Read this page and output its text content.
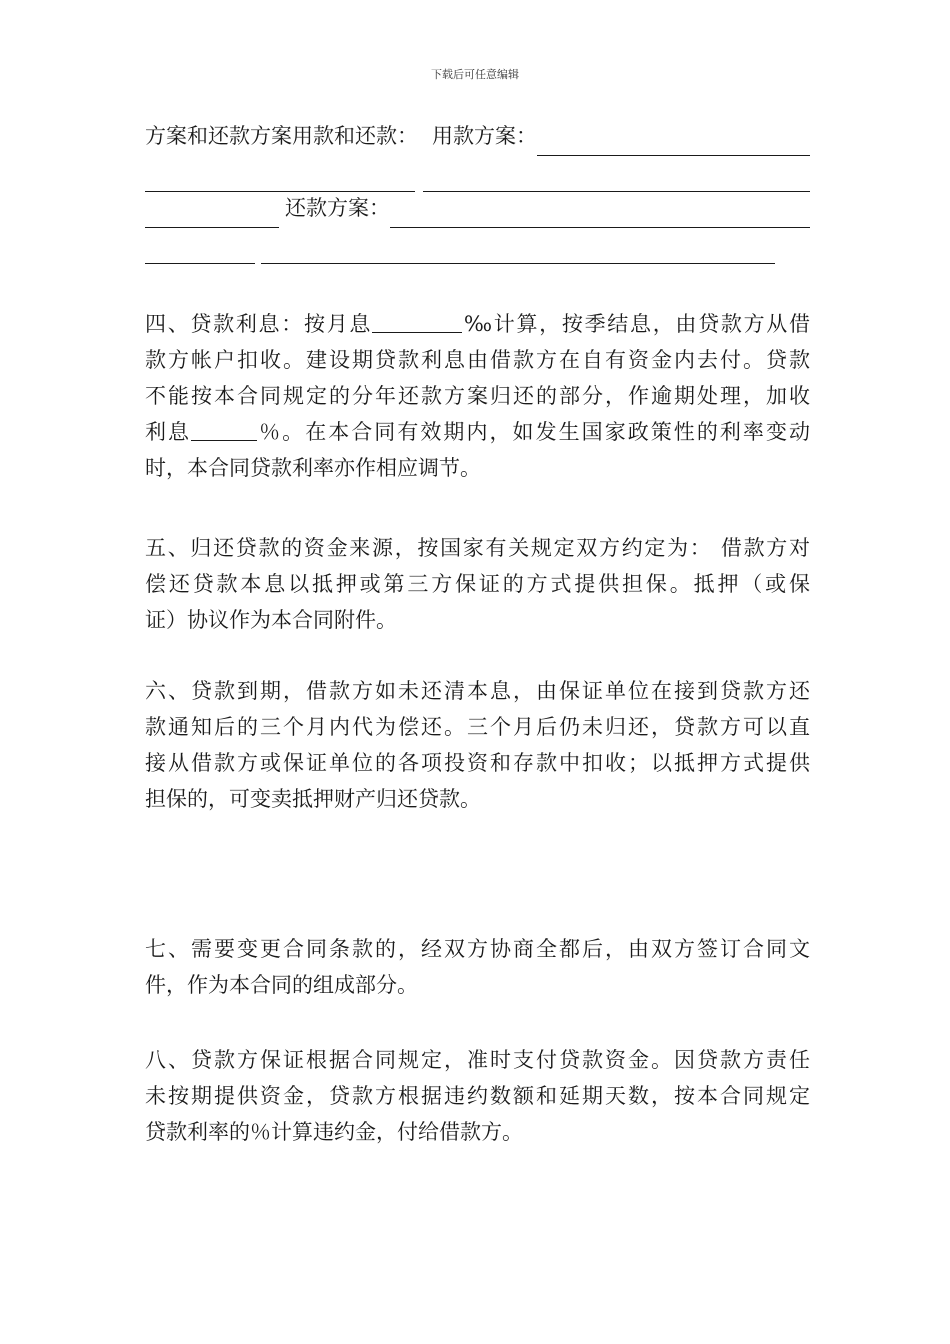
下载后可任意编辑
方案和还款方案用款和还款： 用款方案：
还款方案：
四、贷款利息：按月息	‰计算，按季结息，由贷款方从借
款方帐户扣收。建设期贷款利息由借款方在自有资金内去付。贷款
不能按本合同规定的分年还款方案归还的部分，作逾期处理，加收
利息	％。在本合同有效期内，如发生国家政策性的利率变动
时，本合同贷款利率亦作相应调节。
五、归还贷款的资金来源，按国家有关规定双方约定为： 借款方对
偿还贷款本息以抵押或第三方保证的方式提供担保。抵押（或保
证）协议作为本合同附件。
六、贷款到期，借款方如未还清本息，由保证单位在接到贷款方还
款通知后的三个月内代为偿还。三个月后仍未归还，贷款方可以直
接从借款方或保证单位的各项投资和存款中扣收；以抵押方式提供
担保的，可变卖抵押财产归还贷款。
七、需要变更合同条款的，经双方协商全都后，由双方签订合同文
件，作为本合同的组成部分。
八、贷款方保证根据合同规定，准时支付贷款资金。因贷款方责任
未按期提供资金，贷款方根据违约数额和延期天数，按本合同规定
贷款利率的％计算违约金，付给借款方。
